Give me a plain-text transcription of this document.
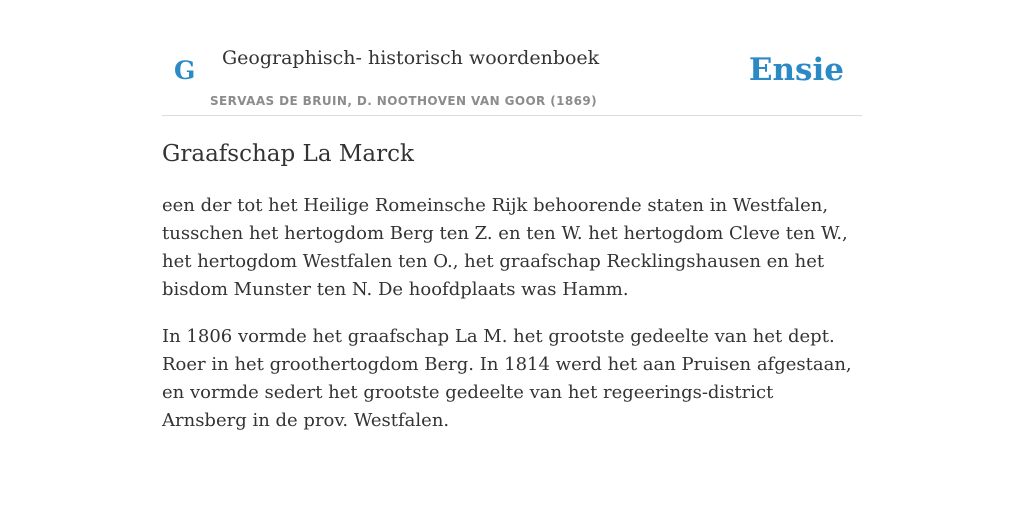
G Geographisch- historisch woordenboek
SERVAAS DE BRUIN, D. NOOTHOVEN VAN GOOR (1869)
Ensie
Graafschap La Marck

een der tot het Heilige Romeinsche Rijk behoorende staten in Westfalen, tusschen het hertogdom Berg ten Z. en ten W. het hertogdom Cleve ten W., het hertogdom Westfalen ten O., het graafschap Recklingshausen en het bisdom Munster ten N. De hoofdplaats was Hamm.

In 1806 vormde het graafschap La M. het grootste gedeelte van het dept. Roer in het groothertogdom Berg. In 1814 werd het aan Pruisen afgestaan, en vormde sedert het grootste gedeelte van het regeerings-district Arnsberg in de prov. Westfalen.
